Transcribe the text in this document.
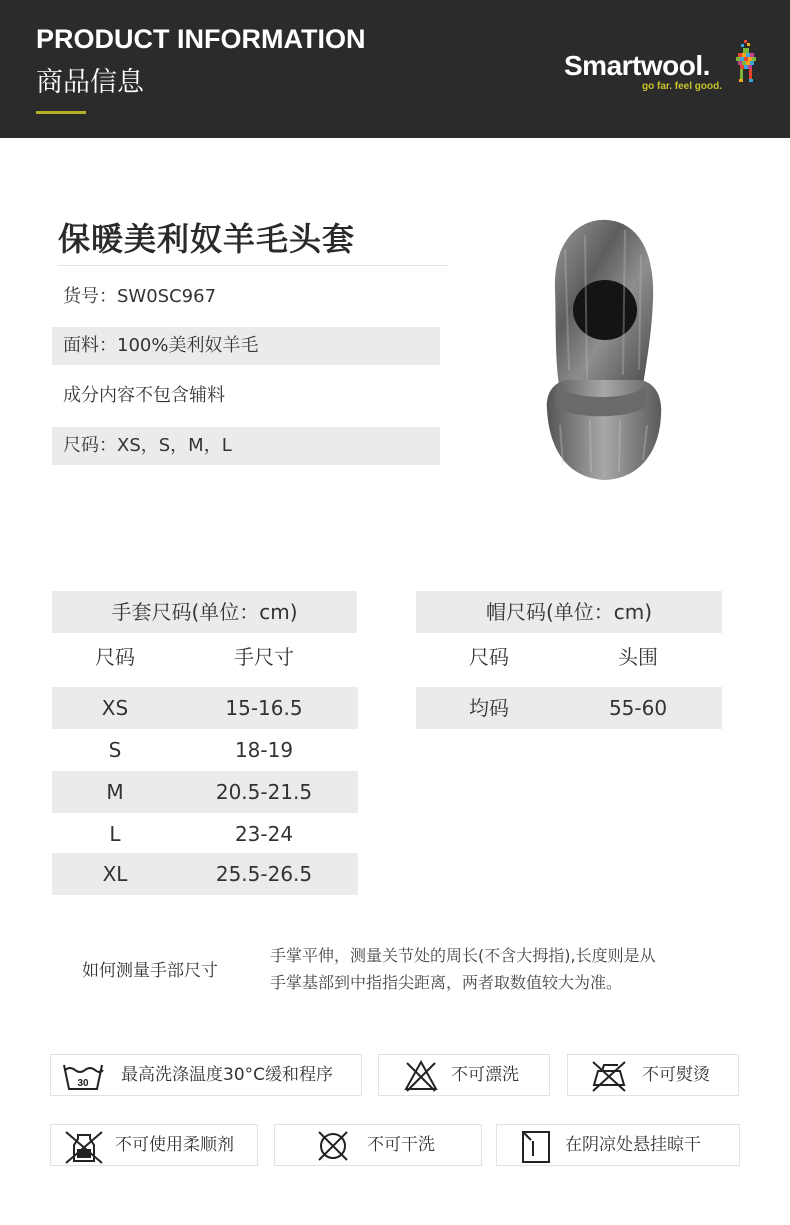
PRODUCT INFORMATION
商品信息
Smartwool.
go far. feel good.
保暖美利奴羊毛头套
货号：SW0SC967
面料：100%美利奴羊毛
成分内容不包含辅料
尺码：XS，S，M，L
手套尺码(单位：cm)
尺码	手尺寸
XS	15-16.5
S	18-19
M	20.5-21.5
L	23-24
XL	25.5-26.5
帽尺码(单位：cm)
尺码	头围
均码	55-60
如何测量手部尺寸
手掌平伸，测量关节处的周长(不含大拇指),长度则是从
手掌基部到中指指尖距离，两者取数值较大为准。
30 最高洗涤温度30°C缓和程序	不可漂洗	不可熨烫
不可使用柔顺剂	不可干洗	在阴凉处悬挂晾干
